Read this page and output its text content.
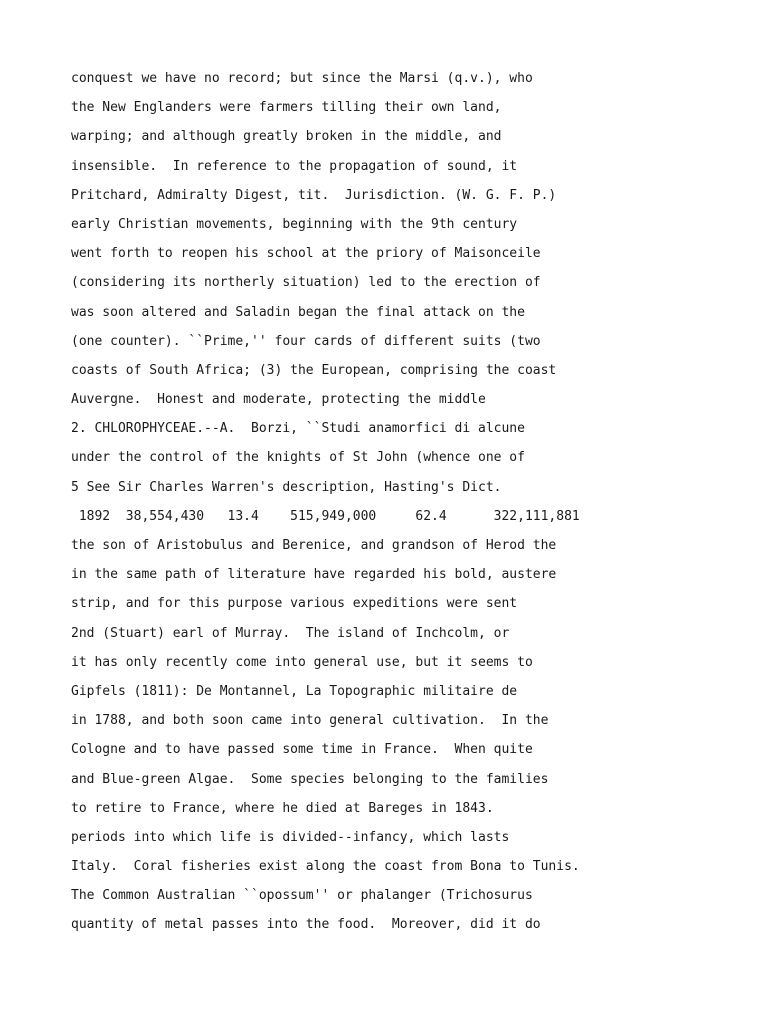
conquest we have no record; but since the Marsi (q.v.), who
the New Englanders were farmers tilling their own land,
warping; and although greatly broken in the middle, and
insensible.  In reference to the propagation of sound, it
Pritchard, Admiralty Digest, tit.  Jurisdiction. (W. G. F. P.)
early Christian movements, beginning with the 9th century
went forth to reopen his school at the priory of Maisonceile
(considering its northerly situation) led to the erection of
was soon altered and Saladin began the final attack on the
(one counter). ``Prime,'' four cards of different suits (two
coasts of South Africa; (3) the European, comprising the coast
Auvergne.  Honest and moderate, protecting the middle
2. CHLOROPHYCEAE.--A.  Borzi, ``Studi anamorfici di alcune
under the control of the knights of St John (whence one of
5 See Sir Charles Warren's description, Hasting's Dict.
1892  38,554,430   13.4    515,949,000     62.4      322,111,881
the son of Aristobulus and Berenice, and grandson of Herod the
in the same path of literature have regarded his bold, austere
strip, and for this purpose various expeditions were sent
2nd (Stuart) earl of Murray.  The island of Inchcolm, or
it has only recently come into general use, but it seems to
Gipfels (1811): De Montannel, La Topographic militaire de
in 1788, and both soon came into general cultivation.  In the
Cologne and to have passed some time in France.  When quite
and Blue-green Algae.  Some species belonging to the families
to retire to France, where he died at Bareges in 1843.
periods into which life is divided--infancy, which lasts
Italy.  Coral fisheries exist along the coast from Bona to Tunis.
The Common Australian ``opossum'' or phalanger (Trichosurus
quantity of metal passes into the food.  Moreover, did it do
